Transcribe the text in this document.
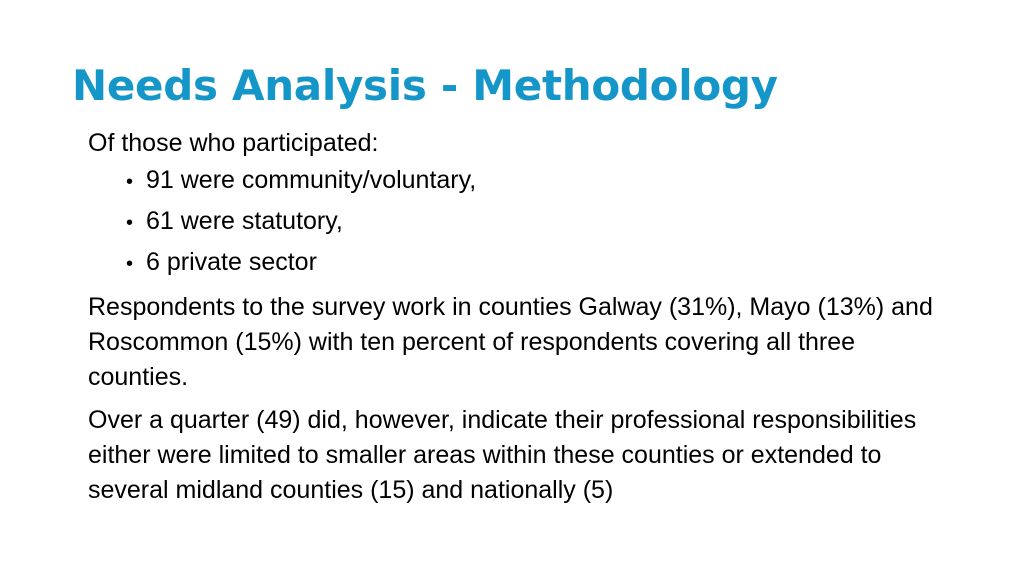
Needs Analysis - Methodology

Of those who participated:

• 91 were community/voluntary,
• 61 were statutory,
• 6 private sector

Respondents to the survey work in counties Galway (31%), Mayo (13%) and Roscommon (15%) with ten percent of respondents covering all three counties.

Over a quarter (49) did, however, indicate their professional responsibilities either were limited to smaller areas within these counties or extended to several midland counties (15) and nationally (5)
